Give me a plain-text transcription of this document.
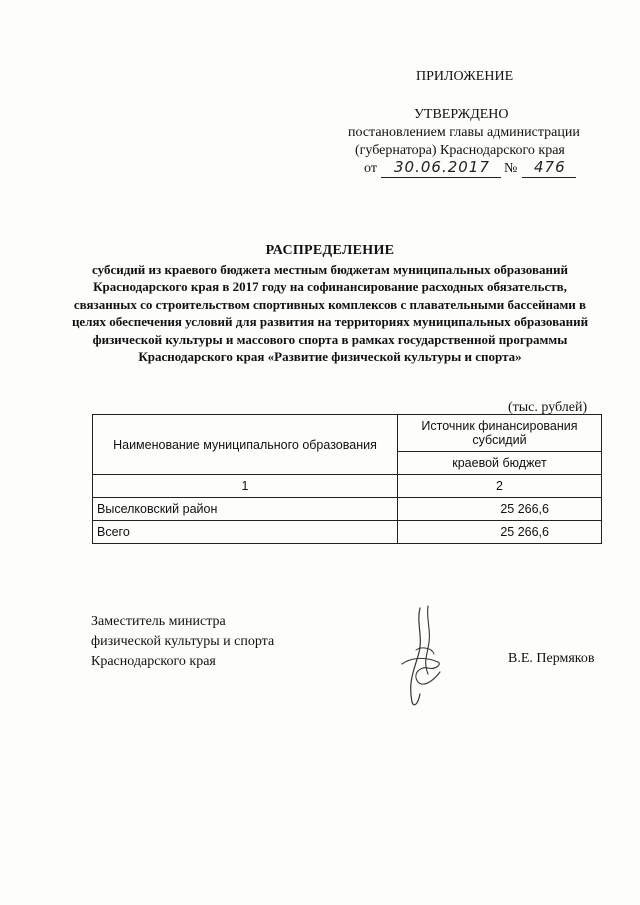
ПРИЛОЖЕНИЕ
УТВЕРЖДЕНО
постановлением главы администрации
(губернатора) Краснодарского края
от 30.06.2017 № 476
РАСПРЕДЕЛЕНИЕ
субсидий из краевого бюджета местным бюджетам муниципальных образований Краснодарского края в 2017 году на софинансирование расходных обязательств, связанных со строительством спортивных комплексов с плавательными бассейнами в целях обеспечения условий для развития на территориях муниципальных образований физической культуры и массового спорта в рамках государственной программы Краснодарского края «Развитие физической культуры и спорта»
(тыс. рублей)
Наименование муниципального образования	Источник финансирования субсидий
	краевой бюджет
1	2
Выселковский район	25 266,6
Всего	25 266,6
Заместитель министра
физической культуры и спорта
Краснодарского края	В.Е. Пермяков
